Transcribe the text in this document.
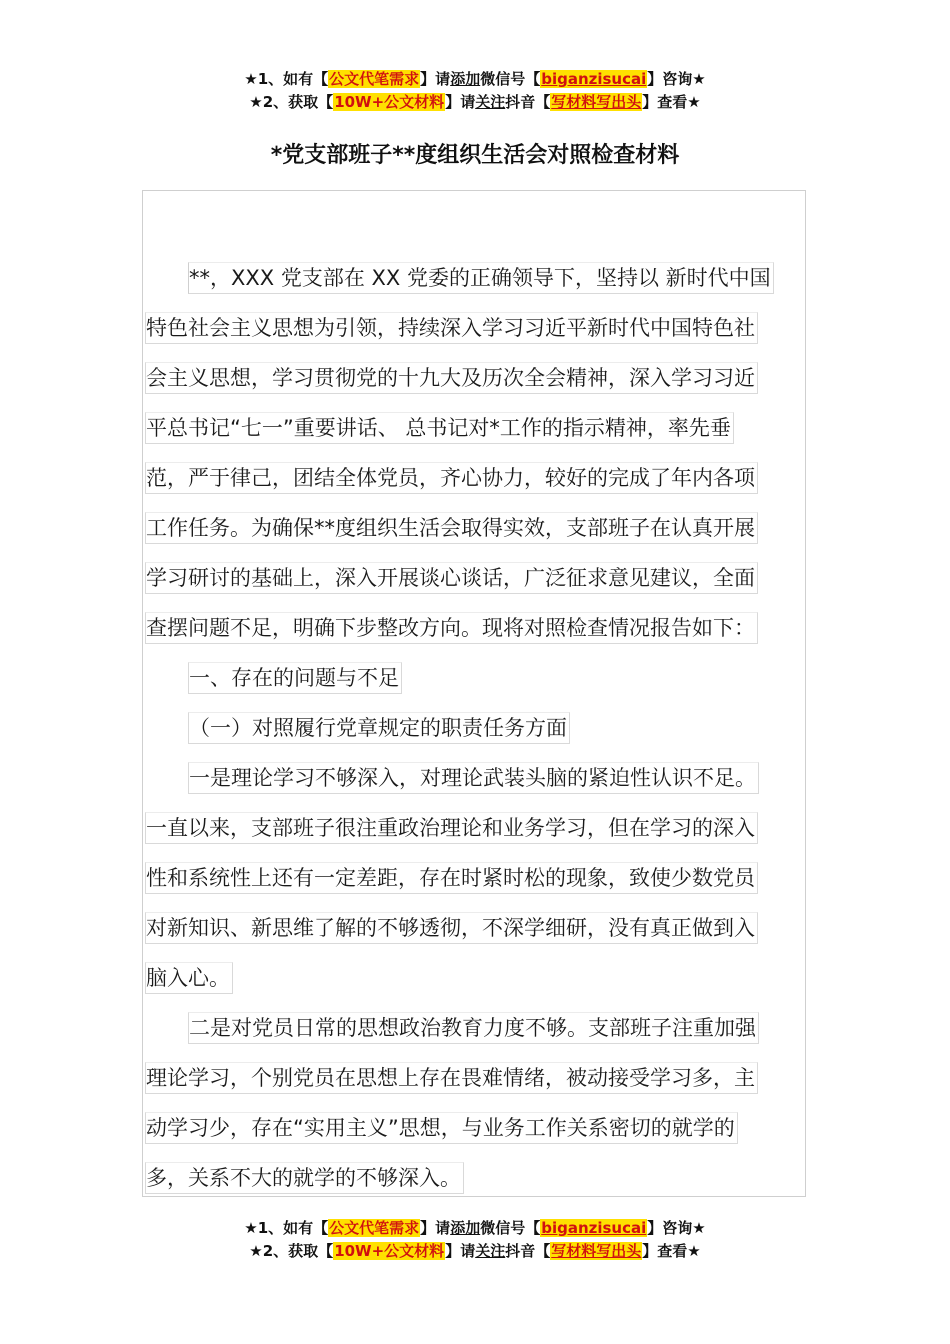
★1、如有【公文代笔需求】请添加微信号【biganzisucai】咨询★
★2、获取【10W+公文材料】请关注抖音【写材料写出头】查看★
*党支部班子**度组织生活会对照检查材料
**，XXX 党支部在 XX 党委的正确领导下，坚持以 新时代中国
特色社会主义思想为引领，持续深入学习习近平新时代中国特色社
会主义思想，学习贯彻党的十九大及历次全会精神，深入学习习近
平总书记“七一”重要讲话、 总书记对*工作的指示精神，率先垂
范，严于律己，团结全体党员，齐心协力，较好的完成了年内各项
工作任务。为确保**度组织生活会取得实效，支部班子在认真开展
学习研讨的基础上，深入开展谈心谈话，广泛征求意见建议，全面
查摆问题不足，明确下步整改方向。现将对照检查情况报告如下：
一、存在的问题与不足
（一）对照履行党章规定的职责任务方面
一是理论学习不够深入，对理论武装头脑的紧迫性认识不足。
一直以来，支部班子很注重政治理论和业务学习，但在学习的深入
性和系统性上还有一定差距，存在时紧时松的现象，致使少数党员
对新知识、新思维了解的不够透彻，不深学细研，没有真正做到入
脑入心。
二是对党员日常的思想政治教育力度不够。支部班子注重加强
理论学习，个别党员在思想上存在畏难情绪，被动接受学习多，主
动学习少，存在“实用主义”思想，与业务工作关系密切的就学的
多，关系不大的就学的不够深入。
★1、如有【公文代笔需求】请添加微信号【biganzisucai】咨询★
★2、获取【10W+公文材料】请关注抖音【写材料写出头】查看★
